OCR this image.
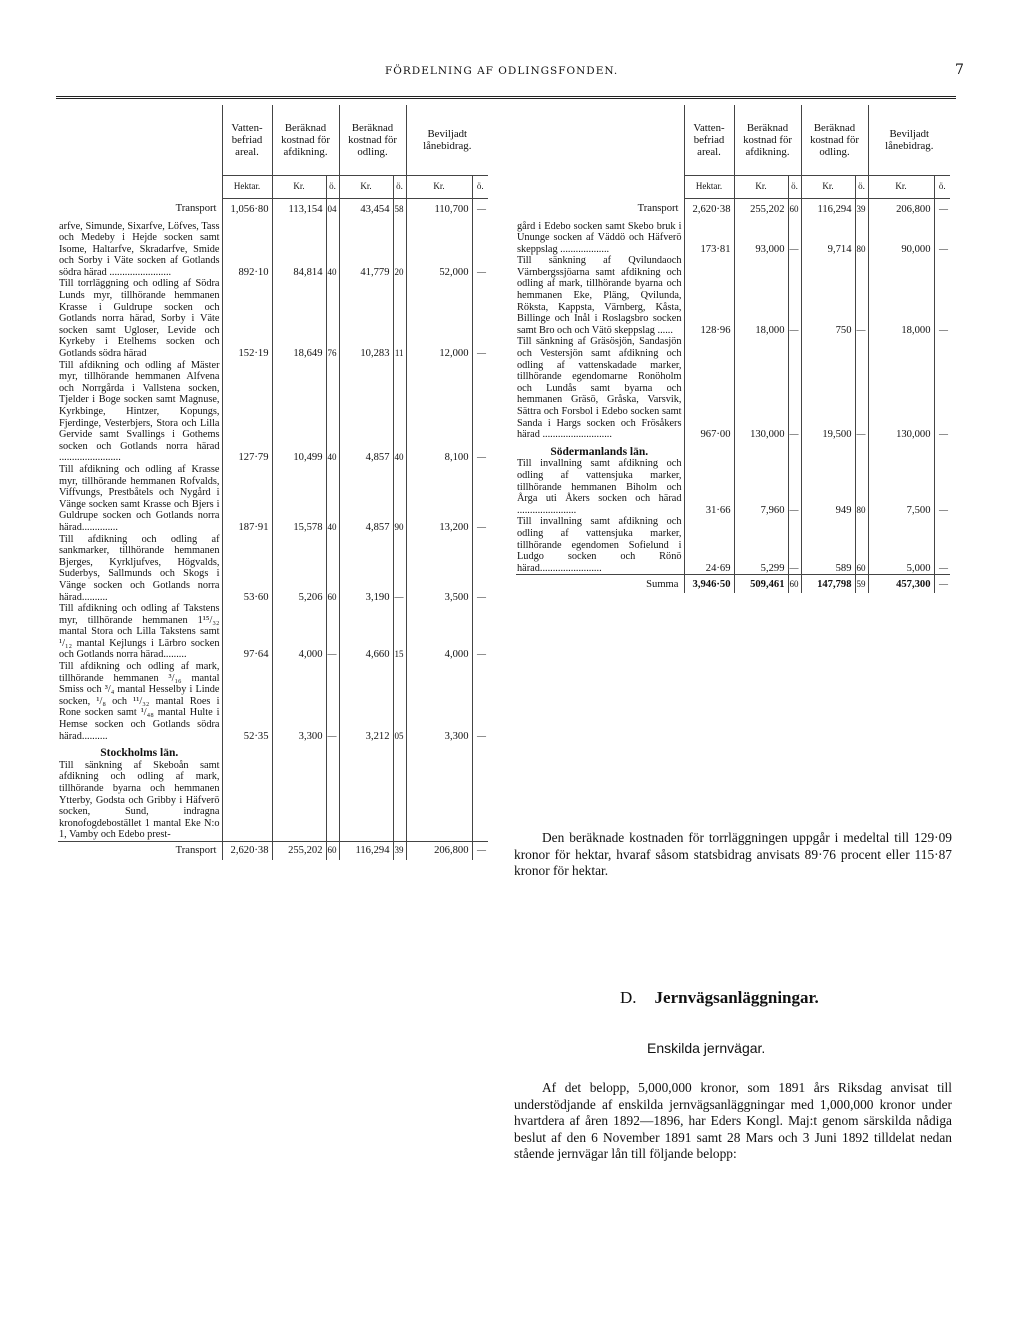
FÖRDELNING AF ODLINGSFONDEN.	7
	Vatten-befriad areal.	Beräknad kostnad för afdikning.		Beräknad kostnad för odling.		Beviljadt lånebidrag.	
	Hektar.	Kr.	ö.	Kr.	ö.	Kr.	ö.
Transport	1,056·80	113,154	04	43,454	58	110,700	—
arfve, Simunde, Sixarfve, Löfves, Tass och Medeby i Hejde socken samt Isome, Haltarfve, Skradarfve, Smide och Sorby i Väte socken af Gotlands södra härad ........................	892·10	84,814	40	41,779	20	52,000	—
Till torrläggning och odling af Södra Lunds myr, tillhörande hemmanen Krasse i Guldrupe socken och Gotlands norra härad, Sorby i Väte socken samt Ugloser, Levide och Kyrkeby i Etelhems socken och Gotlands södra härad	152·19	18,649	76	10,283	11	12,000	—
Till afdikning och odling af Mäster myr, tillhörande hemmanen Alfvena och Norrgårda i Vallstena socken, Tjelder i Boge socken samt Magnuse, Kyrkbinge, Hintzer, Kopungs, Fjerdinge, Vesterbjers, Stora och Lilla Gervide samt Svallings i Gothems socken och Gotlands norra härad ........................	127·79	10,499	40	4,857	40	8,100	—
Till afdikning och odling af Krasse myr, tillhörande hemmanen Rofvalds, Viffvungs, Prestbåtels och Nygård i Vänge socken samt Krasse och Bjers i Guldrupe socken och Gotlands norra härad..............	187·91	15,578	40	4,857	90	13,200	—
Till afdikning och odling af sankmarker, tillhörande hemmanen Bjerges, Kyrkljufves, Högvalds, Suderbys, Sallmunds och Skogs i Vänge socken och Gotlands norra härad..........	53·60	5,206	60	3,190	—	3,500	—
Till afdikning och odling af Takstens myr, tillhörande hemmanen 1¹⁵/₃₂ mantal Stora och Lilla Takstens samt ¹/₁₂ mantal Kejlungs i Lärbro socken och Gotlands norra härad.........	97·64	4,000	—	4,660	15	4,000	—
Till afdikning och odling af mark, tillhörande hemmanen ³/₁₆ mantal Smiss och ³/₄ mantal Hesselby i Linde socken, ¹/₈ och ¹¹/₃₂ mantal Roes i Rone socken samt ¹/₄₈ mantal Hulte i Hemse socken och Gotlands södra härad..........	52·35	3,300	—	3,212	05	3,300	—
Stockholms län.							
Till sänkning af Skeboån samt afdikning och odling af mark, tillhörande byarna och hemmanen Ytterby, Godsta och Gribby i Häfverö socken, Sund, indragna kronofogdebostället 1 mantal Eke N:o 1, Vamby och Edebo prest-							
Transport	2,620·38	255,202	60	116,294	39	206,800	—
	Vatten-befriad areal.	Beräknad kostnad för afdikning.		Beräknad kostnad för odling.		Beviljadt lånebidrag.	
	Hektar.	Kr.	ö.	Kr.	ö.	Kr.	ö.
Transport	2,620·38	255,202	60	116,294	39	206,800	—
gård i Edebo socken samt Skebo bruk i Ununge socken af Väddö och Häfverö skeppslag ...................	173·81	93,000	—	9,714	80	90,000	—
Till sänkning af Qvilundaoch Värnbergssjöarna samt afdikning och odling af mark, tillhörande byarna och hemmanen Eke, Pläng, Qvilunda, Röksta, Kappsta, Värnberg, Kåsta, Billinge och Inål i Roslagsbro socken samt Bro och och Vätö skeppslag ......	128·96	18,000	—	750	—	18,000	—
Till sänkning af Gräsösjön, Sandasjön och Vestersjön samt afdikning och odling af vattenskadade marker, tillhörande egendomarne Ronöholm och Lundås samt byarna och hemmanen Gräsö, Gråska, Varsvik, Sättra och Forsbol i Edebo socken samt Sanda i Hargs socken och Frösåkers härad ...........................	967·00	130,000	—	19,500	—	130,000	—
Södermanlands län.							
Till invallning samt afdikning och odling af vattensjuka marker, tillhörande hemmanen Biholm och Årga uti Åkers socken och härad .......................	31·66	7,960	—	949	80	7,500	—
Till invallning samt afdikning och odling af vattensjuka marker, tillhörande egendomen Sofielund i Ludgo socken och Rönö härad........................	24·69	5,299	—	589	60	5,000	—
Summa	3,946·50	509,461	60	147,798	59	457,300	—
Den beräknade kostnaden för torrläggningen uppgår i medeltal till 129·09 kronor för hektar, hvaraf såsom statsbidrag anvisats 89·76 procent eller 115·87 kronor för hektar.
D. Jernvägsanläggningar.
Enskilda jernvägar.
Af det belopp, 5,000,000 kronor, som 1891 års Riksdag anvisat till understödjande af enskilda jernvägsanläggningar med 1,000,000 kronor under hvartdera af åren 1892—1896, har Eders Kongl. Maj:t genom särskilda nådiga beslut af den 6 November 1891 samt 28 Mars och 3 Juni 1892 tilldelat nedan stående jernvägar lån till följande belopp:
